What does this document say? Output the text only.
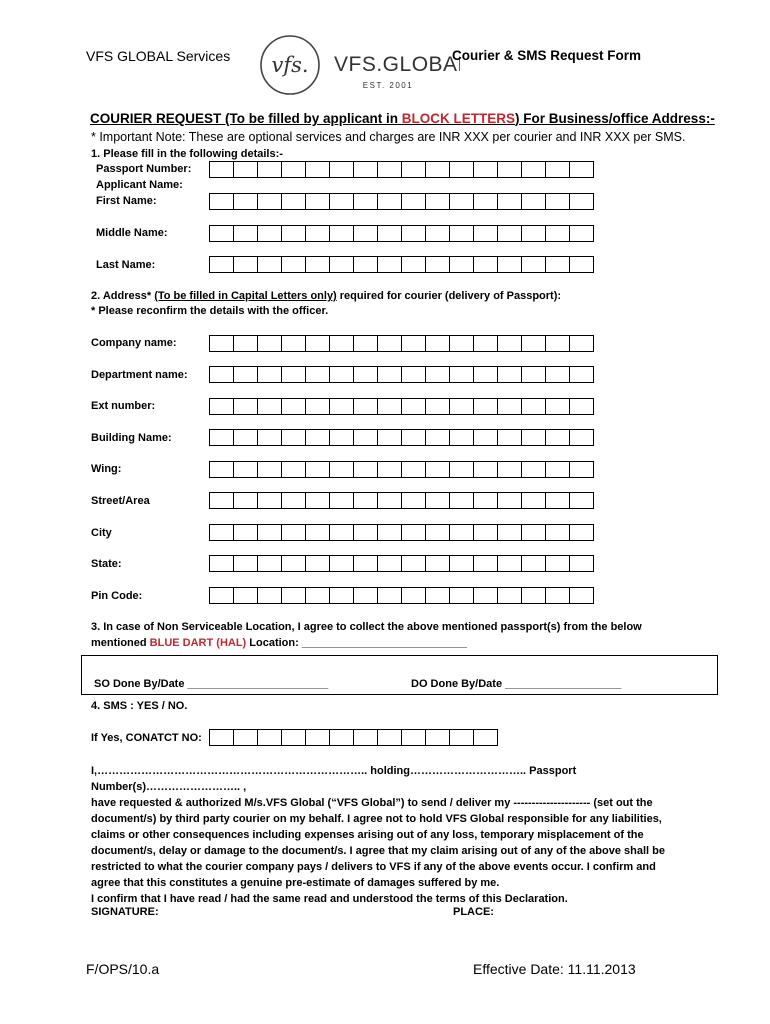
VFS GLOBAL Services vfs. VFS.GLOBAL
EST. 2001
Courier & SMS Request Form
COURIER REQUEST (To be filled by applicant in BLOCK LETTERS) For Business/office Address:-
* Important Note: These are optional services and charges are INR XXX per courier and INR XXX per SMS.
1. Please fill in the following details:-
Passport Number:
Applicant Name:
First Name:
Middle Name:
Last Name:
2. Address* (To be filled in Capital Letters only) required for courier (delivery of Passport):
* Please reconfirm the details with the officer.
Company name:
Department name:
Ext number:
Building Name:
Wing:
Street/Area
City
State:
Pin Code:
3. In case of Non Serviceable Location, I agree to collect the above mentioned passport(s) from the below
mentioned BLUE DART (HAL) Location: ___________________________
SO Done By/Date _______________________	DO Done By/Date ___________________
4. SMS : YES / NO.
If Yes, CONATCT NO:

I,……………………………………………………………….. holding………………………….. Passport Number(s)…………………….. ,

have requested & authorized M/s.VFS Global (“VFS Global”) to send / deliver my --------------------- (set out the

document/s) by third party courier on my behalf. I agree not to hold VFS Global responsible for any liabilities,

claims or other consequences including expenses arising out of any loss, temporary misplacement of the

document/s, delay or damage to the document/s. I agree that my claim arising out of any of the above shall be

restricted to what the courier company pays / delivers to VFS if any of the above events occur. I confirm and

agree that this constitutes a genuine pre-estimate of damages suffered by me.

I confirm that I have read / had the same read and understood the terms of this Declaration.

SIGNATURE:	PLACE:
F/OPS/10.a	Effective Date: 11.11.2013
